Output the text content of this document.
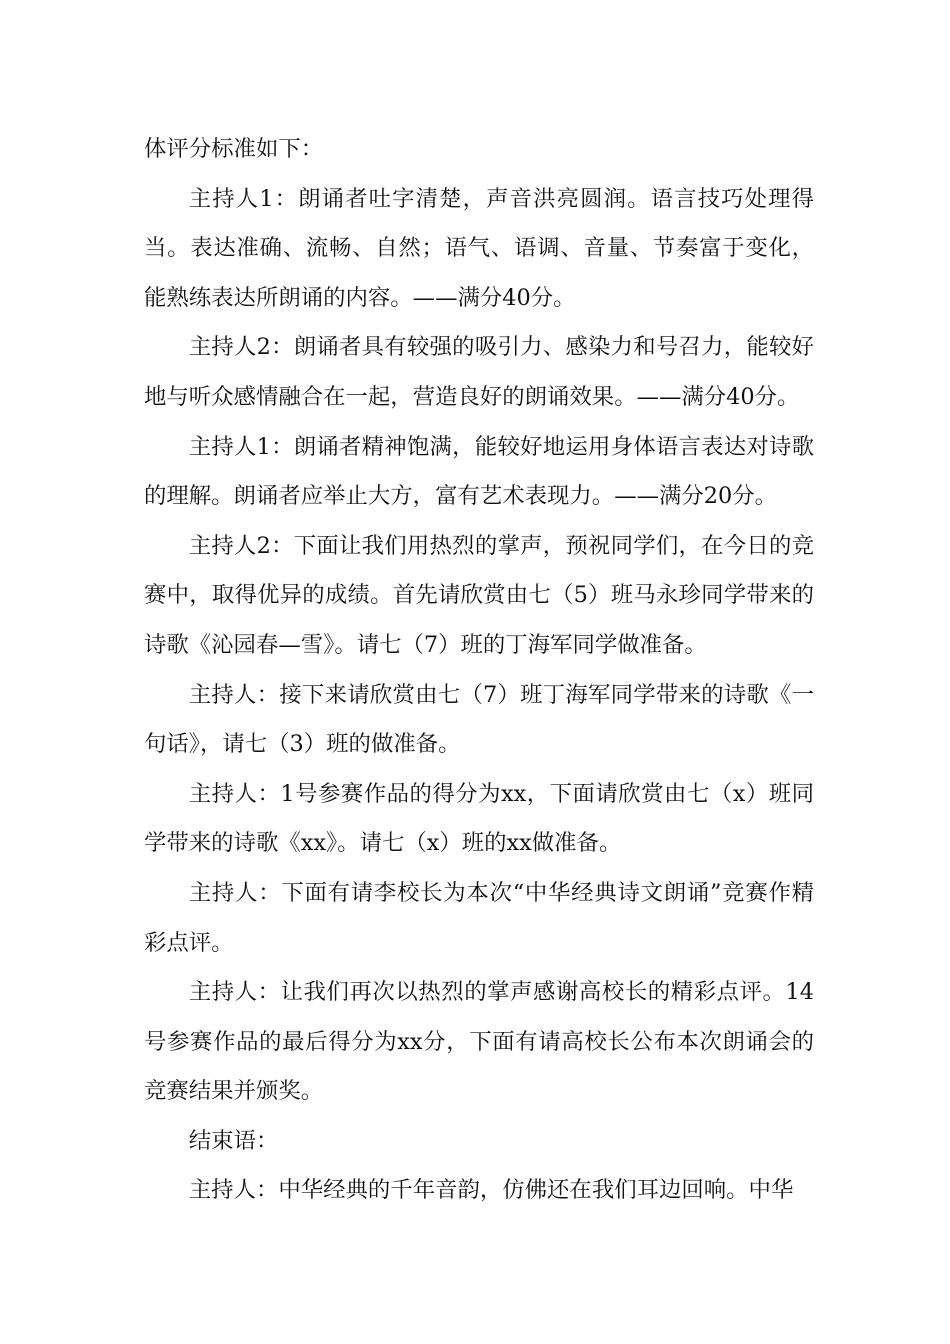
体评分标准如下：

主持人1：朗诵者吐字清楚，声音洪亮圆润。语言技巧处理得当。表达准确、流畅、自然；语气、语调、音量、节奏富于变化，能熟练表达所朗诵的内容。——满分40分。

主持人2：朗诵者具有较强的吸引力、感染力和号召力，能较好地与听众感情融合在一起，营造良好的朗诵效果。——满分40分。

主持人1：朗诵者精神饱满，能较好地运用身体语言表达对诗歌的理解。朗诵者应举止大方，富有艺术表现力。——满分20分。

主持人2：下面让我们用热烈的掌声，预祝同学们，在今日的竞赛中，取得优异的成绩。首先请欣赏由七（5）班马永珍同学带来的诗歌《沁园春—雪》。请七（7）班的丁海军同学做准备。

主持人：接下来请欣赏由七（7）班丁海军同学带来的诗歌《一句话》，请七（3）班的做准备。

主持人：1号参赛作品的得分为xx，下面请欣赏由七（x）班同学带来的诗歌《xx》。请七（x）班的xx做准备。

主持人：下面有请李校长为本次“中华经典诗文朗诵”竞赛作精彩点评。

主持人：让我们再次以热烈的掌声感谢高校长的精彩点评。14号参赛作品的最后得分为xx分，下面有请高校长公布本次朗诵会的竞赛结果并颁奖。

结束语：

主持人：中华经典的千年音韵，仿佛还在我们耳边回响。中华
